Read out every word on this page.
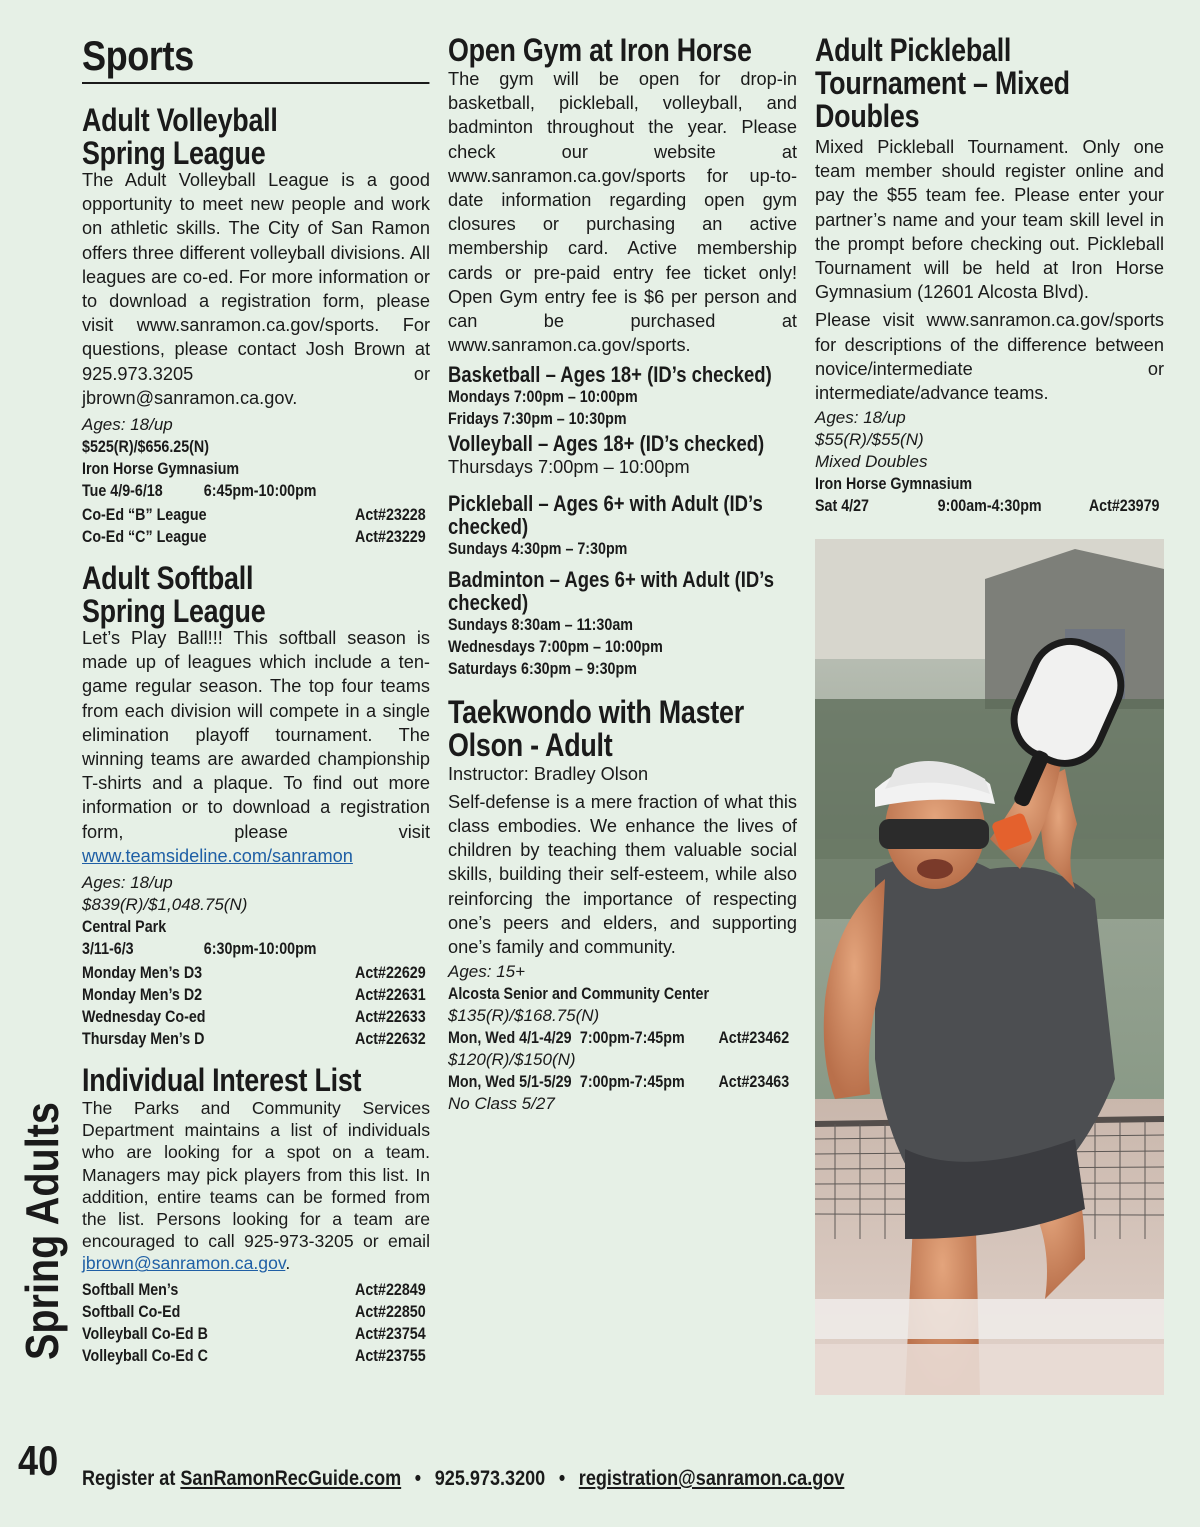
Sports
Adult Volleyball
Spring League

The Adult Volleyball League is a good opportunity to meet new people and work on athletic skills. The City of San Ramon offers three different volleyball divisions. All leagues are co-ed. For more information or to download a registration form, please visit www.sanramon.ca.gov/sports. For questions, please contact Josh Brown at 925.973.3205 or jbrown@sanramon.ca.gov.

Ages: 18/up
$525(R)/$656.25(N)
Iron Horse Gymnasium
Tue 4/9-6/18	6:45pm-10:00pm
Co-Ed “B” League	Act#23228
Co-Ed “C” League	Act#23229
Adult Softball
Spring League

Let’s Play Ball!!! This softball season is made up of leagues which include a ten-game regular season. The top four teams from each division will compete in a single elimination playoff tournament. The winning teams are awarded championship T-shirts and a plaque. To find out more information or to download a registration form, please visit www.teamsideline.com/sanramon

Ages: 18/up
$839(R)/$1,048.75(N)
Central Park
3/11-6/3	6:30pm-10:00pm
Monday Men’s D3	Act#22629
Monday Men’s D2	Act#22631
Wednesday Co-ed	Act#22633
Thursday Men’s D	Act#22632
Individual Interest List

The Parks and Community Services Department maintains a list of individuals who are looking for a spot on a team. Managers may pick players from this list. In addition, entire teams can be formed from the list. Persons looking for a team are encouraged to call 925-973-3205 or email jbrown@sanramon.ca.gov.

Softball Men’s	Act#22849
Softball Co-Ed	Act#22850
Volleyball Co-Ed B	Act#23754
Volleyball Co-Ed C	Act#23755
Open Gym at Iron Horse

The gym will be open for drop-in basketball, pickleball, volleyball, and badminton throughout the year. Please check our website at www.sanramon.ca.gov/sports for up-to-date information regarding open gym closures or purchasing an active membership card. Active membership cards or pre-paid entry fee ticket only! Open Gym entry fee is $6 per person and can be purchased at www.sanramon.ca.gov/sports.

Basketball – Ages 18+ (ID’s checked)
Mondays 7:00pm – 10:00pm
Fridays 7:30pm – 10:30pm
Volleyball – Ages 18+ (ID’s checked)
Thursdays 7:00pm – 10:00pm
Pickleball – Ages 6+ with Adult (ID’s checked)
Sundays 4:30pm – 7:30pm
Badminton – Ages 6+ with Adult (ID’s checked)
Sundays 8:30am – 11:30am
Wednesdays 7:00pm – 10:00pm
Saturdays 6:30pm – 9:30pm
Taekwondo with Master
Olson - Adult
Instructor: Bradley Olson

Self-defense is a mere fraction of what this class embodies. We enhance the lives of children by teaching them valuable social skills, building their self-esteem, while also reinforcing the importance of respecting one’s peers and elders, and supporting one’s family and community.

Ages: 15+
Alcosta Senior and Community Center
$135(R)/$168.75(N)
Mon, Wed 4/1-4/29 7:00pm-7:45pm	Act#23462
$120(R)/$150(N)
Mon, Wed 5/1-5/29 7:00pm-7:45pm	Act#23463
No Class 5/27
Adult Pickleball
Tournament – Mixed
Doubles

Mixed Pickleball Tournament. Only one team member should register online and pay the $55 team fee. Please enter your partner’s name and your team skill level in the prompt before checking out. Pickleball Tournament will be held at Iron Horse Gymnasium (12601 Alcosta Blvd).

Please visit www.sanramon.ca.gov/sports for descriptions of the difference between novice/intermediate or intermediate/advance teams.

Ages: 18/up
$55(R)/$55(N)
Mixed Doubles
Iron Horse Gymnasium
Sat 4/27	9:00am-4:30pm	Act#23979
Spring Adults
40 Register at SanRamonRecGuide.com • 925.973.3200 • registration@sanramon.ca.gov
